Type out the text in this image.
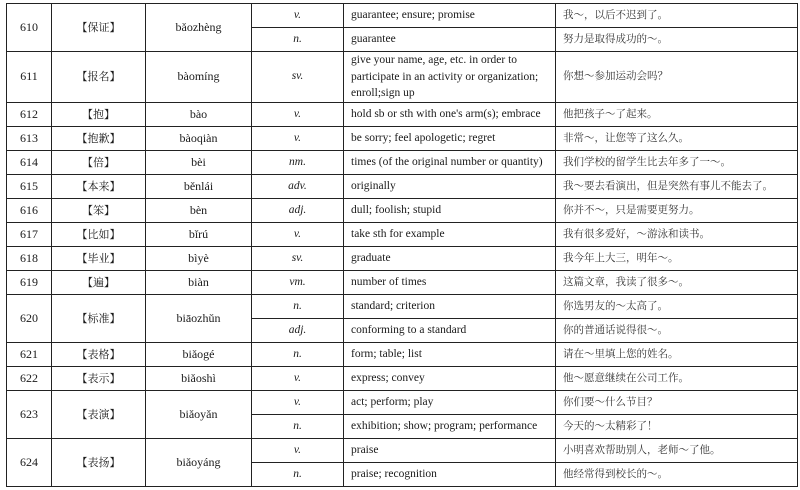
610	【保证】	bǎozhèng	v.	guarantee; ensure; promise	我～，以后不迟到了。
			n.	guarantee	努力是取得成功的～。
611	【报名】	bàomíng	sv.	give your name, age, etc. in order to participate in an activity or organization; enroll;sign up	你想～参加运动会吗？
612	【抱】	bào	v.	hold sb or sth with one's arm(s); embrace	他把孩子～了起来。
613	【抱歉】	bàoqiàn	v.	be sorry; feel apologetic; regret	非常～，让您等了这么久。
614	【倍】	bèi	nm.	times (of the original number or quantity)	我们学校的留学生比去年多了一～。
615	【本来】	běnlái	adv.	originally	我～要去看演出，但是突然有事儿不能去了。
616	【笨】	bèn	adj.	dull; foolish; stupid	你并不～，只是需要更努力。
617	【比如】	bǐrú	v.	take sth for example	我有很多爱好，～游泳和读书。
618	【毕业】	bìyè	sv.	graduate	我今年上大三，明年～。
619	【遍】	biàn	vm.	number of times	这篇文章，我读了很多～。
620	【标准】	biāozhǔn	n.	standard; criterion	你选男友的～太高了。
			adj.	conforming to a standard	你的普通话说得很～。
621	【表格】	biǎogé	n.	form; table; list	请在～里填上您的姓名。
622	【表示】	biǎoshì	v.	express; convey	他～愿意继续在公司工作。
623	【表演】	biǎoyǎn	v.	act; perform; play	你们要～什么节目？
			n.	exhibition; show; program; performance	今天的～太精彩了！
624	【表扬】	biǎoyáng	v.	praise	小明喜欢帮助别人，老师～了他。
			n.	praise; recognition	他经常得到校长的～。
